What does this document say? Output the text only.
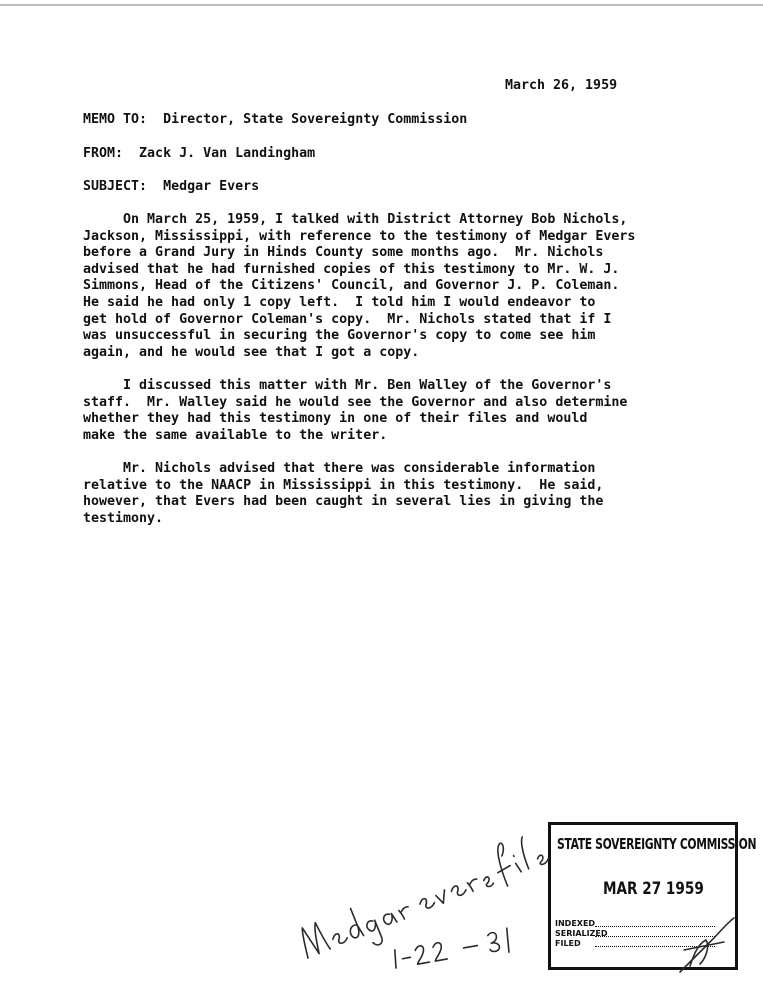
March 26, 1959
MEMO TO: Director, State Sovereignty Commission
FROM: Zack J. Van Landingham
SUBJECT: Medgar Evers
On March 25, 1959, I talked with District Attorney Bob Nichols,
Jackson, Mississippi, with reference to the testimony of Medgar Evers
before a Grand Jury in Hinds County some months ago.  Mr. Nichols
advised that he had furnished copies of this testimony to Mr. W. J.
Simmons, Head of the Citizens' Council, and Governor J. P. Coleman.
He said he had only 1 copy left.  I told him I would endeavor to
get hold of Governor Coleman's copy.  Mr. Nichols stated that if I
was unsuccessful in securing the Governor's copy to come see him
again, and he would see that I got a copy.
I discussed this matter with Mr. Ben Walley of the Governor's
staff.  Mr. Walley said he would see the Governor and also determine
whether they had this testimony in one of their files and would
make the same available to the writer.
Mr. Nichols advised that there was considerable information
relative to the NAACP in Mississippi in this testimony.  He said,
however, that Evers had been caught in several lies in giving the
testimony.
STATE SOVEREIGNTY COMMISSION
MAR 27 1959
INDEXED
SERIALIZED
FILED
